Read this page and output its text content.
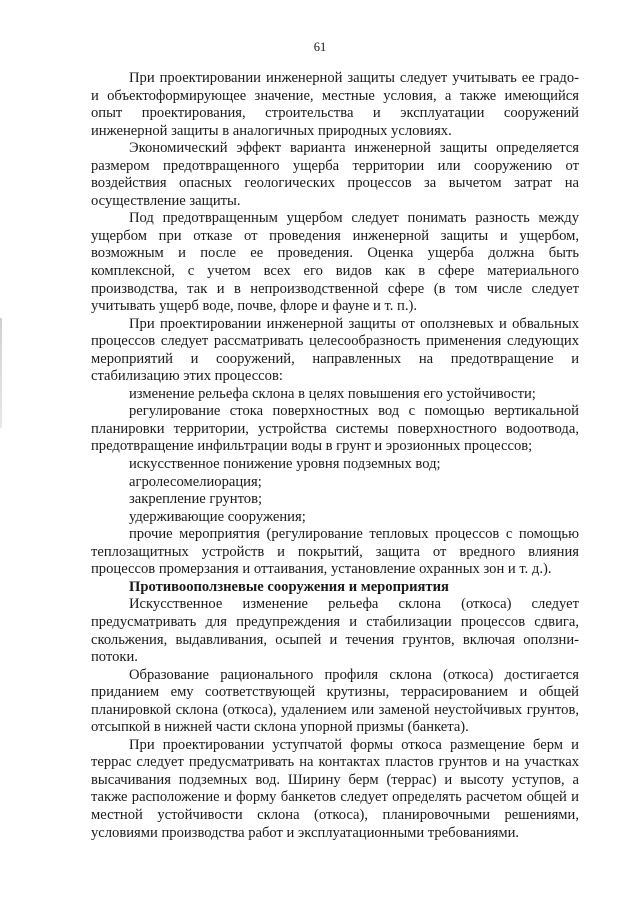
61

При проектировании инженерной защиты следует учитывать ее градо- и объектоформирующее значение, местные условия, а также имеющийся опыт проектирования, строительства и эксплуатации сооружений инженерной защиты в аналогичных природных условиях.

Экономический эффект варианта инженерной защиты определяется размером предотвращенного ущерба территории или сооружению от воздействия опасных геологических процессов за вычетом затрат на осуществление защиты.

Под предотвращенным ущербом следует понимать разность между ущербом при отказе от проведения инженерной защиты и ущербом, возможным и после ее проведения. Оценка ущерба должна быть комплексной, с учетом всех его видов как в сфере материального производства, так и в непроизводственной сфере (в том числе следует учитывать ущерб воде, почве, флоре и фауне и т. п.).

При проектировании инженерной защиты от оползневых и обвальных процессов следует рассматривать целесообразность применения следующих мероприятий и сооружений, направленных на предотвращение и стабилизацию этих процессов:

изменение рельефа склона в целях повышения его устойчивости;

регулирование стока поверхностных вод с помощью вертикальной планировки территории, устройства системы поверхностного водоотвода, предотвращение инфильтрации воды в грунт и эрозионных процессов;

искусственное понижение уровня подземных вод;

агролесомелиорация;

закрепление грунтов;

удерживающие сооружения;

прочие мероприятия (регулирование тепловых процессов с помощью теплозащитных устройств и покрытий, защита от вредного влияния процессов промерзания и оттаивания, установление охранных зон и т. д.).

Противооползневые сооружения и мероприятия

Искусственное изменение рельефа склона (откоса) следует предусматривать для предупреждения и стабилизации процессов сдвига, скольжения, выдавливания, осыпей и течения грунтов, включая оползни-потоки.

Образование рационального профиля склона (откоса) достигается приданием ему соответствующей крутизны, террасированием и общей планировкой склона (откоса), удалением или заменой неустойчивых грунтов, отсыпкой в нижней части склона упорной призмы (банкета).

При проектировании уступчатой формы откоса размещение берм и террас следует предусматривать на контактах пластов грунтов и на участках высачивания подземных вод. Ширину берм (террас) и высоту уступов, а также расположение и форму банкетов следует определять расчетом общей и местной устойчивости склона (откоса), планировочными решениями, условиями производства работ и эксплуатационными требованиями.
